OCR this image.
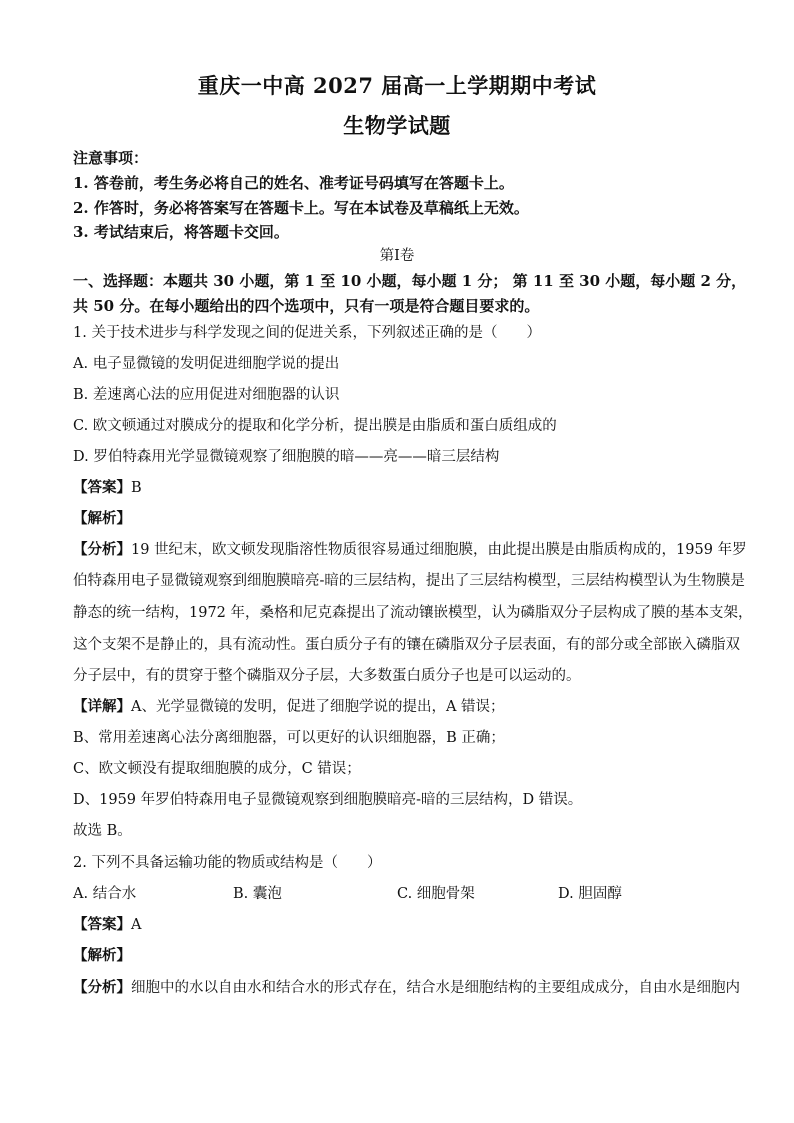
重庆一中高 2027 届高一上学期期中考试
生物学试题
注意事项：
1. 答卷前，考生务必将自己的姓名、准考证号码填写在答题卡上。
2. 作答时，务必将答案写在答题卡上。写在本试卷及草稿纸上无效。
3. 考试结束后，将答题卡交回。
第Ⅰ卷
一、选择题：本题共 30 小题，第 1 至 10 小题，每小题 1 分； 第 11 至 30 小题，每小题 2 分，
共 50 分。在每小题给出的四个选项中，只有一项是符合题目要求的。
1. 关于技术进步与科学发现之间的促进关系，下列叙述正确的是（　　）
A. 电子显微镜的发明促进细胞学说的提出
B. 差速离心法的应用促进对细胞器的认识
C. 欧文顿通过对膜成分的提取和化学分析，提出膜是由脂质和蛋白质组成的
D. 罗伯特森用光学显微镜观察了细胞膜的暗——亮——暗三层结构
【答案】B
【解析】
【分析】19 世纪末，欧文顿发现脂溶性物质很容易通过细胞膜，由此提出膜是由脂质构成的，1959 年罗
伯特森用电子显微镜观察到细胞膜暗亮-暗的三层结构，提出了三层结构模型，三层结构模型认为生物膜是
静态的统一结构，1972 年，桑格和尼克森提出了流动镶嵌模型，认为磷脂双分子层构成了膜的基本支架，
这个支架不是静止的，具有流动性。蛋白质分子有的镶在磷脂双分子层表面，有的部分或全部嵌入磷脂双
分子层中，有的贯穿于整个磷脂双分子层，大多数蛋白质分子也是可以运动的。
【详解】A、光学显微镜的发明，促进了细胞学说的提出，A 错误；
B、常用差速离心法分离细胞器，可以更好的认识细胞器，B 正确；
C、欧文顿没有提取细胞膜的成分，C 错误；
D、1959 年罗伯特森用电子显微镜观察到细胞膜暗亮-暗的三层结构，D 错误。
故选 B。
2. 下列不具备运输功能的物质或结构是（　　）
A. 结合水	B. 囊泡	C. 细胞骨架	D. 胆固醇
【答案】A
【解析】
【分析】细胞中的水以自由水和结合水的形式存在，结合水是细胞结构的主要组成成分，自由水是细胞内
